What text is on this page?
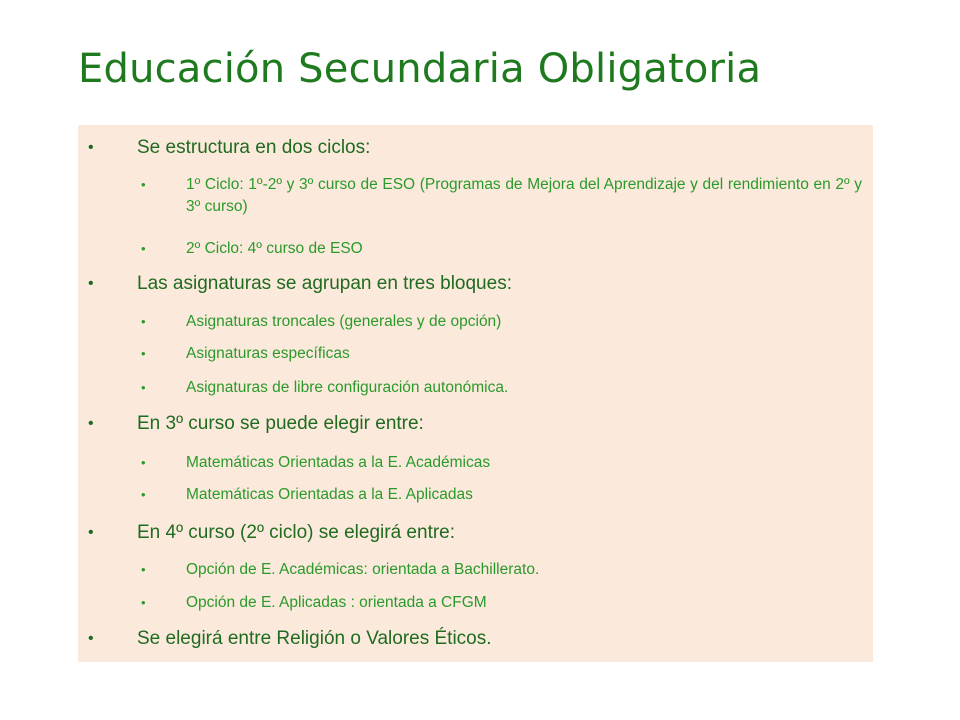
Educación Secundaria Obligatoria
• Se estructura en dos ciclos:
•	1º Ciclo: 1º-2º y 3º curso de ESO (Programas de Mejora del Aprendizaje y del rendimiento en 2º y 3º curso)
•	2º Ciclo: 4º curso de ESO
• Las asignaturas se agrupan en tres bloques:
•	Asignaturas troncales (generales y de opción)
•	Asignaturas específicas
•	Asignaturas de libre configuración autonómica.
• En 3º curso se puede elegir entre:
•	Matemáticas Orientadas a la E. Académicas
•	Matemáticas Orientadas a la E. Aplicadas
• En 4º curso (2º ciclo) se elegirá entre:
•	Opción de E. Académicas: orientada a Bachillerato.
•	Opción de E. Aplicadas : orientada a CFGM
• Se elegirá entre Religión o Valores Éticos.
